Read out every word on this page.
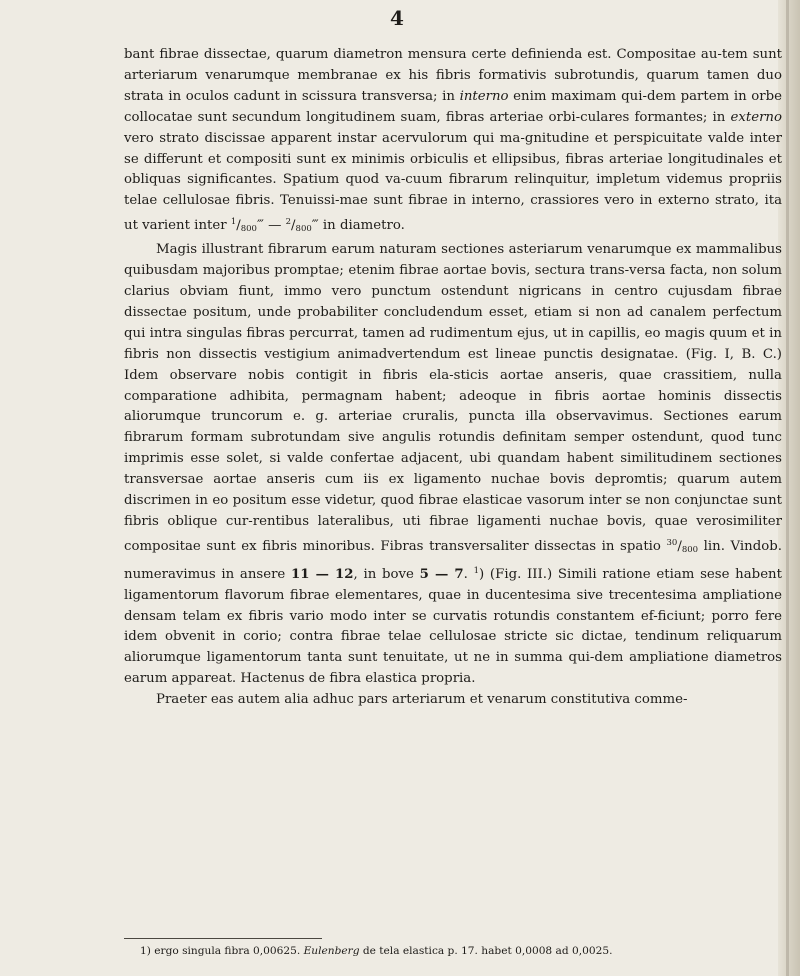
4

bant fibrae dissectae, quarum diametron mensura certe definienda est. Compositae au-tem sunt arteriarum venarumque membranae ex his fibris formativis subrotundis, quarum tamen duo strata in oculos cadunt in scissura transversa; in interno enim maximam qui-dem partem in orbe collocatae sunt secundum longitudinem suam, fibras arteriae orbi-culares formantes; in externo vero strato discissae apparent instar acervulorum qui ma-gnitudine et perspicuitate valde inter se differunt et compositi sunt ex minimis orbiculis et ellipsibus, fibras arteriae longitudinales et obliquas significantes. Spatium quod va-cuum fibrarum relinquitur, impletum videmus propriis telae cellulosae fibris. Tenuissi-mae sunt fibrae in interno, crassiores vero in externo strato, ita ut varient inter $^1/_{800}‴$ — $^2/_{800}‴$ in diametro.

Magis illustrant fibrarum earum naturam sectiones asteriarum venarumque ex mammalibus quibusdam majoribus promptae; etenim fibrae aortae bovis, sectura trans-versa facta, non solum clarius obviam fiunt, immo vero punctum ostendunt nigricans in centro cujusdam fibrae dissectae positum, unde probabiliter concludendum esset, etiam si non ad canalem perfectum qui intra singulas fibras percurrat, tamen ad rudimentum ejus, ut in capillis, eo magis quum et in fibris non dissectis vestigium animadvertendum est lineae punctis designatae. (Fig. I, B. C.) Idem observare nobis contigit in fibris ela-sticis aortae anseris, quae crassitiem, nulla comparatione adhibita, permagnam habent; adeoque in fibris aortae hominis dissectis aliorumque truncorum e. g. arteriae cruralis, puncta illa observavimus. Sectiones earum fibrarum formam subrotundam sive angulis rotundis definitam semper ostendunt, quod tunc imprimis esse solet, si valde confertae adjacent, ubi quandam habent similitudinem sectiones transversae aortae anseris cum iis ex ligamento nuchae bovis depromtis; quarum autem discrimen in eo positum esse videtur, quod fibrae elasticae vasorum inter se non conjunctae sunt fibris oblique cur-rentibus lateralibus, uti fibrae ligamenti nuchae bovis, quae verosimiliter compositae sunt ex fibris minoribus. Fibras transversaliter dissectas in spatio $^{30}/_{800}$ lin. Vindob. numeravimus in ansere 11 — 12, in bove 5 — 7. $^1$) (Fig. III.) Simili ratione etiam sese habent ligamentorum flavorum fibrae elementares, quae in ducentesima sive trecentesima ampliatione densam telam ex fibris vario modo inter se curvatis rotundis constantem ef-ficiunt; porro fere idem obvenit in corio; contra fibrae telae cellulosae stricte sic dictae, tendinum reliquarum aliorumque ligamentorum tanta sunt tenuitate, ut ne in summa qui-dem ampliatione diametros earum appareat. Hactenus de fibra elastica propria.

Praeter eas autem alia adhuc pars arteriarum et venarum constitutiva comme-

1) ergo singula fibra 0,00625. Eulenberg de tela elastica p. 17. habet 0,0008 ad 0,0025.
